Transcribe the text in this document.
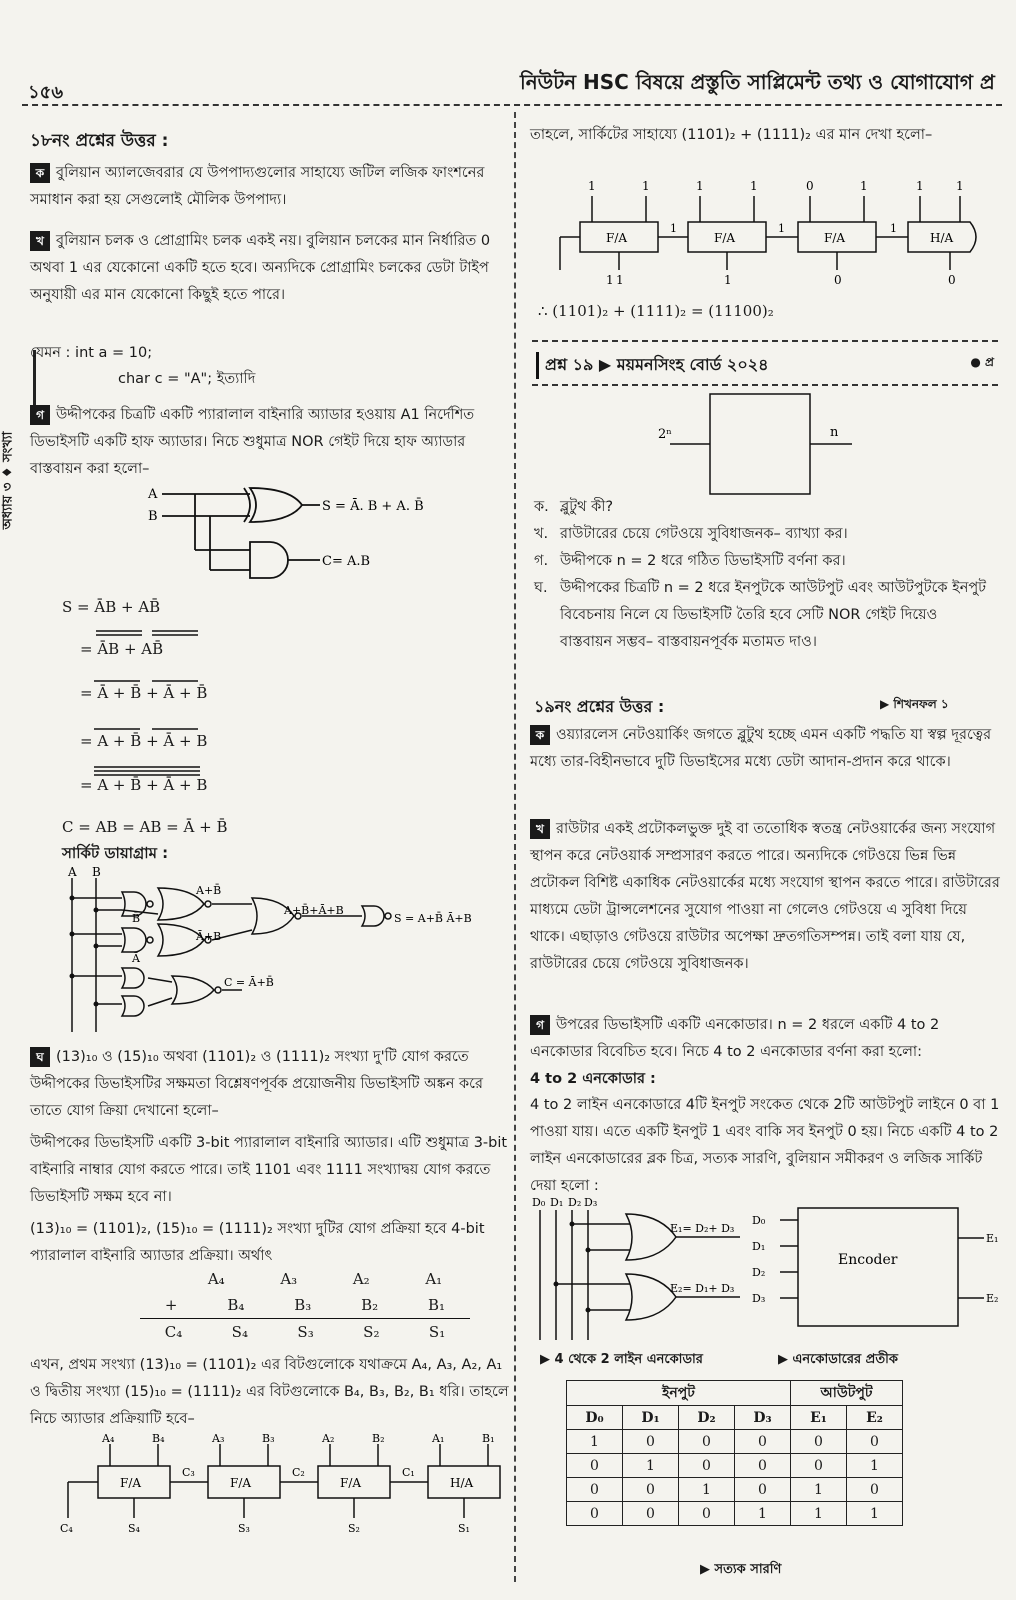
১৫৬	নিউটন HSC বিষয়ে প্রস্তুতি সাপ্লিমেন্ট তথ্য ও যোগাযোগ প্র
অধ্যায় ৩ ♦ সংখ্যা
১৮নং প্রশ্নের উত্তর :
ক বুলিয়ান অ্যালজেবরার যে উপপাদ্যগুলোর সাহায্যে জটিল লজিক ফাংশনের সমাধান করা হয় সেগুলোই মৌলিক উপপাদ্য।
খ বুলিয়ান চলক ও প্রোগ্রামিং চলক একই নয়। বুলিয়ান চলকের মান নির্ধারিত 0 অথবা 1 এর যেকোনো একটি হতে হবে। অন্যদিকে প্রোগ্রামিং চলকের ডেটা টাইপ অনুযায়ী এর মান যেকোনো কিছুই হতে পারে।
যেমন : int a = 10;
char c = "A"; ইত্যাদি
গ উদ্দীপকের চিত্রটি একটি প্যারালাল বাইনারি অ্যাডার হওয়ায় A1 নির্দেশিত ডিভাইসটি একটি হাফ অ্যাডার। নিচে শুধুমাত্র NOR গেইট দিয়ে হাফ অ্যাডার বাস্তবায়ন করা হলো–
A
B
S = Ā. B + A. B̄
C= A.B
S = ĀB + AB̄
= ĀB + AB̄
= Ā + B̄ + Ā + B̄
= A + B̄ + Ā + B
= A + B̄ + Ā + B
C = AB = AB = Ā + B̄
সার্কিট ডায়াগ্রাম :
A B
B̄
Ā
A+B̄
Ā+B
A+B̄+Ā+B
S = A+B̄ Ā+B
C = Ā+B̄
ঘ (13)₁₀ ও (15)₁₀ অথবা (1101)₂ ও (1111)₂ সংখ্যা দু'টি যোগ করতে উদ্দীপকের ডিভাইসটির সক্ষমতা বিশ্লেষণপূর্বক প্রয়োজনীয় ডিভাইসটি অঙ্কন করে তাতে যোগ ক্রিয়া দেখানো হলো–
উদ্দীপকের ডিভাইসটি একটি 3-bit প্যারালাল বাইনারি অ্যাডার। এটি শুধুমাত্র 3-bit বাইনারি নাম্বার যোগ করতে পারে। তাই 1101 এবং 1111 সংখ্যাদ্বয় যোগ করতে ডিভাইসটি সক্ষম হবে না।
(13)₁₀ = (1101)₂, (15)₁₀ = (1111)₂ সংখ্যা দুটির যোগ প্রক্রিয়া হবে 4-bit প্যারালাল বাইনারি অ্যাডার প্রক্রিয়া। অর্থাৎ
A₄	A₃	A₂	A₁
+	B₄	B₃	B₂	B₁
C₄	S₄	S₃	S₂	S₁
এখন, প্রথম সংখ্যা (13)₁₀ = (1101)₂ এর বিটগুলোকে যথাক্রমে A₄, A₃, A₂, A₁ ও দ্বিতীয় সংখ্যা (15)₁₀ = (1111)₂ এর বিটগুলোকে B₄, B₃, B₂, B₁ ধরি। তাহলে নিচে অ্যাডার প্রক্রিয়াটি হবে–
A₄	B₄	A₃	B₃	A₂	B₂	A₁	B₁
F/A	F/A	F/A	H/A
C₃	C₂	C₁
C₄	S₄	S₃	S₂	S₁
তাহলে, সার্কিটের সাহায্যে (1101)₂ + (1111)₂ এর মান দেখা হলো–
1	1	1	1	0	1	1	1
F/A	F/A	F/A	H/A
1	1	1
1 1	1	0	0
∴ (1101)₂ + (1111)₂ = (11100)₂
প্রশ্ন ১৯ ▶ ময়মনসিংহ বোর্ড ২০২৪	● প্র
2ⁿ	n
ক. ব্লুটুথ কী?
খ. রাউটারের চেয়ে গেটওয়ে সুবিধাজনক– ব্যাখ্যা কর।
গ. উদ্দীপকে n = 2 ধরে গঠিত ডিভাইসটি বর্ণনা কর।
ঘ. উদ্দীপকের চিত্রটি n = 2 ধরে ইনপুটকে আউটপুট এবং আউটপুটকে ইনপুট বিবেচনায় নিলে যে ডিভাইসটি তৈরি হবে সেটি NOR গেইট দিয়েও বাস্তবায়ন সম্ভব– বাস্তবায়নপূর্বক মতামত দাও।
১৯নং প্রশ্নের উত্তর :	▶ শিখনফল ১
ক ওয়্যারলেস নেটওয়ার্কিং জগতে ব্লুটুথ হচ্ছে এমন একটি পদ্ধতি যা স্বল্প দূরত্বের মধ্যে তার-বিহীনভাবে দুটি ডিভাইসের মধ্যে ডেটা আদান-প্রদান করে থাকে।
খ রাউটার একই প্রটোকলভুক্ত দুই বা ততোধিক স্বতন্ত্র নেটওয়ার্কের জন্য সংযোগ স্থাপন করে নেটওয়ার্ক সম্প্রসারণ করতে পারে। অন্যদিকে গেটওয়ে ভিন্ন ভিন্ন প্রটোকল বিশিষ্ট একাধিক নেটওয়ার্কের মধ্যে সংযোগ স্থাপন করতে পারে। রাউটারের মাধ্যমে ডেটা ট্রান্সলেশনের সুযোগ পাওয়া না গেলেও গেটওয়ে এ সুবিধা দিয়ে থাকে। এছাড়াও গেটওয়ে রাউটার অপেক্ষা দ্রুতগতিসম্পন্ন। তাই বলা যায় যে, রাউটারের চেয়ে গেটওয়ে সুবিধাজনক।
গ উপরের ডিভাইসটি একটি এনকোডার। n = 2 ধরলে একটি 4 to 2 এনকোডার বিবেচিত হবে। নিচে 4 to 2 এনকোডার বর্ণনা করা হলো:
4 to 2 এনকোডার :
4 to 2 লাইন এনকোডারে 4টি ইনপুট সংকেত থেকে 2টি আউটপুট লাইনে 0 বা 1 পাওয়া যায়। এতে একটি ইনপুট 1 এবং বাকি সব ইনপুট 0 হয়। নিচে একটি 4 to 2 লাইন এনকোডারের ব্লক চিত্র, সত্যক সারণি, বুলিয়ান সমীকরণ ও লজিক সার্কিট দেয়া হলো :
D₀ D₁ D₂ D₃
E₁= D₂+ D₃
E₂= D₁+ D₃
D₀
D₁
D₂
D₃
Encoder
E₁
E₂
▶ 4 থেকে 2 লাইন এনকোডার	▶ এনকোডারের প্রতীক
ইনপুট				আউটপুট	
D₀	D₁	D₂	D₃	E₁	E₂
1	0	0	0	0	0
0	1	0	0	0	1
0	0	1	0	1	0
0	0	0	1	1	1
▶ সত্যক সারণি
